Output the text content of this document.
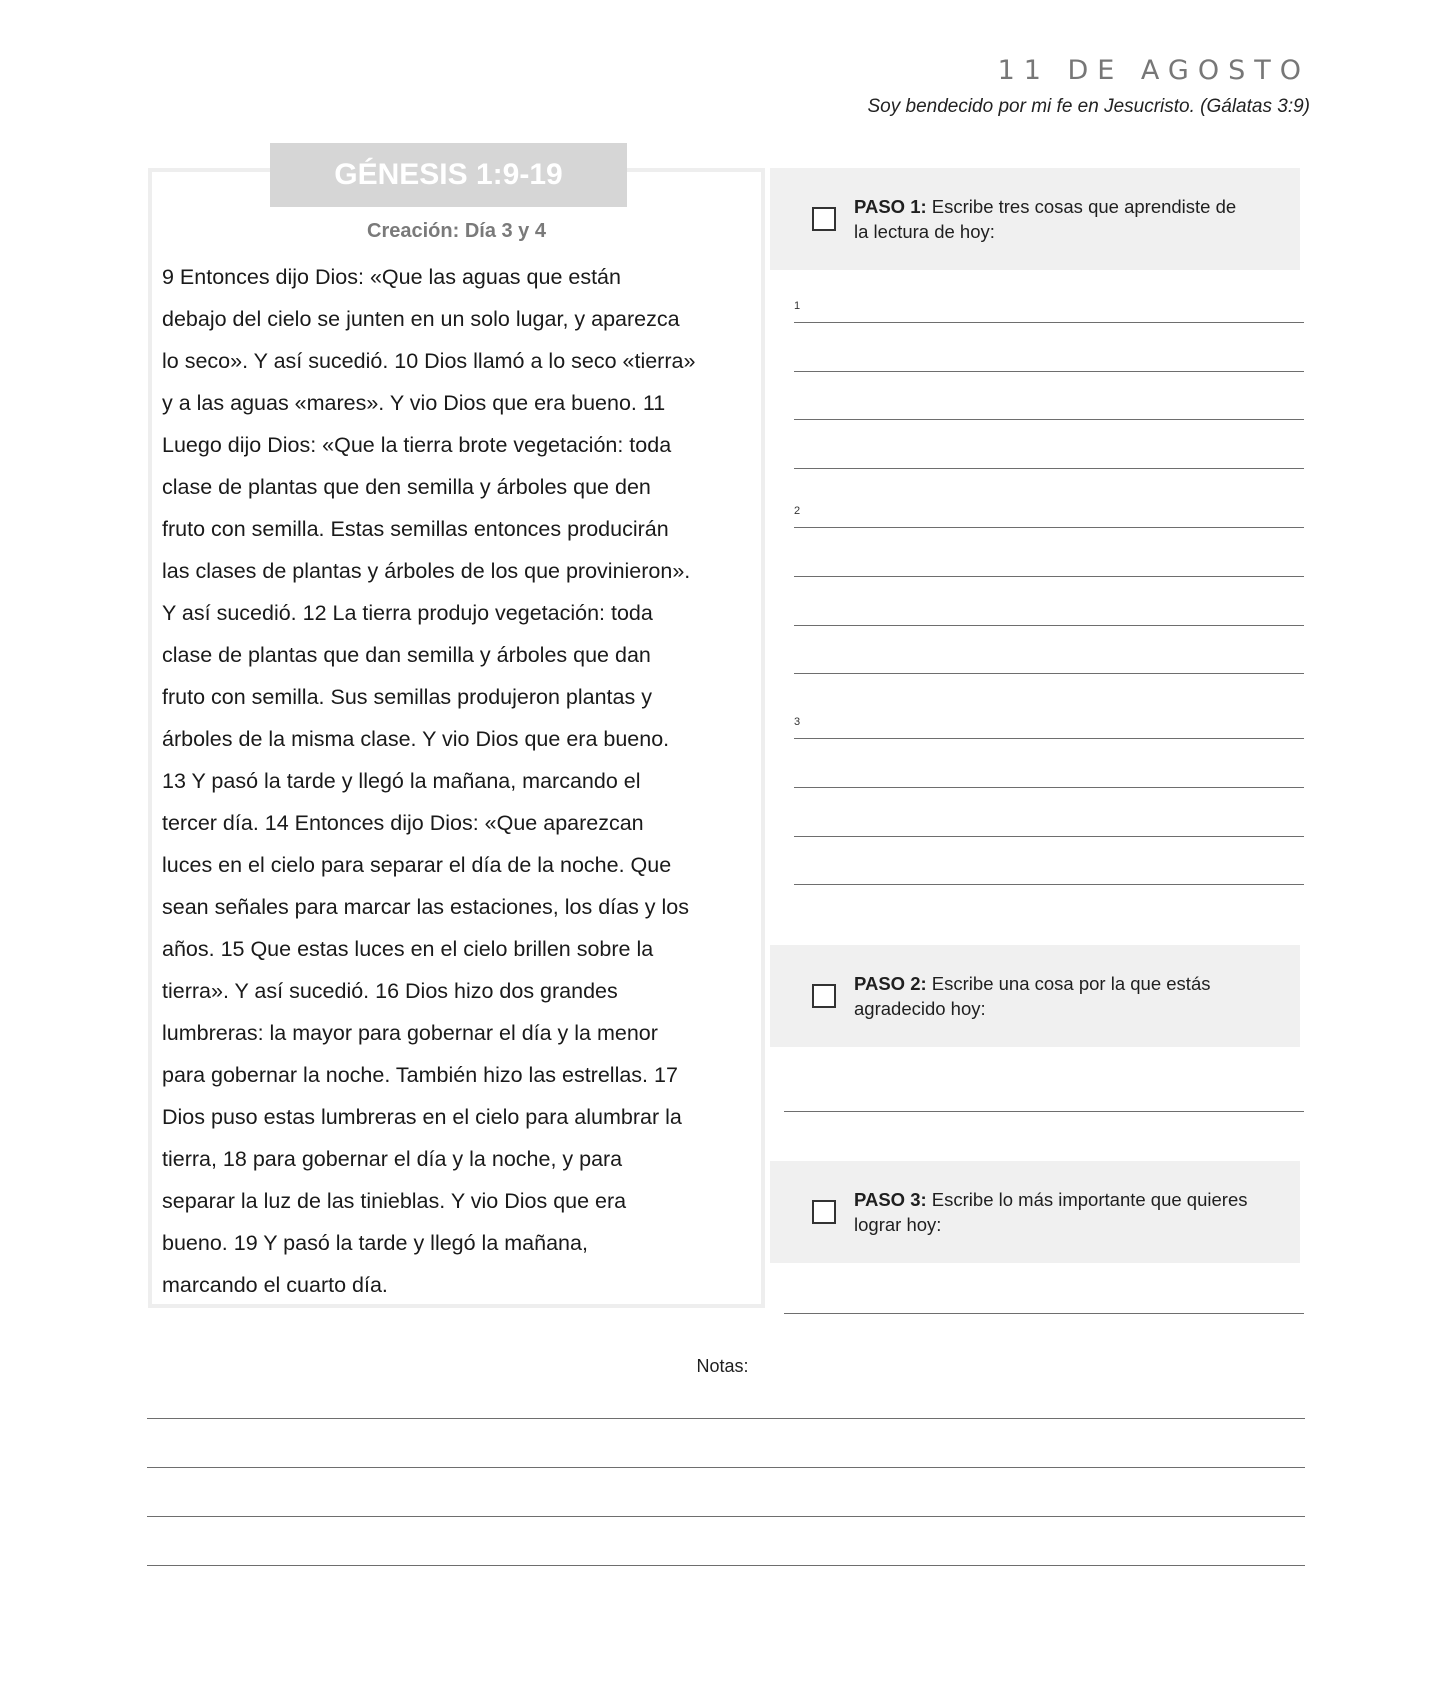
11 DE AGOSTO
Soy bendecido por mi fe en Jesucristo. (Gálatas 3:9)
GÉNESIS 1:9-19
Creación: Día 3 y 4
9 Entonces dijo Dios: «Que las aguas que están
debajo del cielo se junten en un solo lugar, y aparezca
lo seco». Y así sucedió. 10 Dios llamó a lo seco «tierra»
y a las aguas «mares». Y vio Dios que era bueno. 11
Luego dijo Dios: «Que la tierra brote vegetación: toda
clase de plantas que den semilla y árboles que den
fruto con semilla. Estas semillas entonces producirán
las clases de plantas y árboles de los que provinieron».
Y así sucedió. 12 La tierra produjo vegetación: toda
clase de plantas que dan semilla y árboles que dan
fruto con semilla. Sus semillas produjeron plantas y
árboles de la misma clase. Y vio Dios que era bueno.
13 Y pasó la tarde y llegó la mañana, marcando el
tercer día. 14 Entonces dijo Dios: «Que aparezcan
luces en el cielo para separar el día de la noche. Que
sean señales para marcar las estaciones, los días y los
años. 15 Que estas luces en el cielo brillen sobre la
tierra». Y así sucedió. 16 Dios hizo dos grandes
lumbreras: la mayor para gobernar el día y la menor
para gobernar la noche. También hizo las estrellas. 17
Dios puso estas lumbreras en el cielo para alumbrar la
tierra, 18 para gobernar el día y la noche, y para
separar la luz de las tinieblas. Y vio Dios que era
bueno. 19 Y pasó la tarde y llegó la mañana,
marcando el cuarto día.
PASO 1: Escribe tres cosas que aprendiste de la lectura de hoy:
PASO 2: Escribe una cosa por la que estás agradecido hoy:
PASO 3: Escribe lo más importante que quieres lograr hoy:
1
2
3
Notas:
